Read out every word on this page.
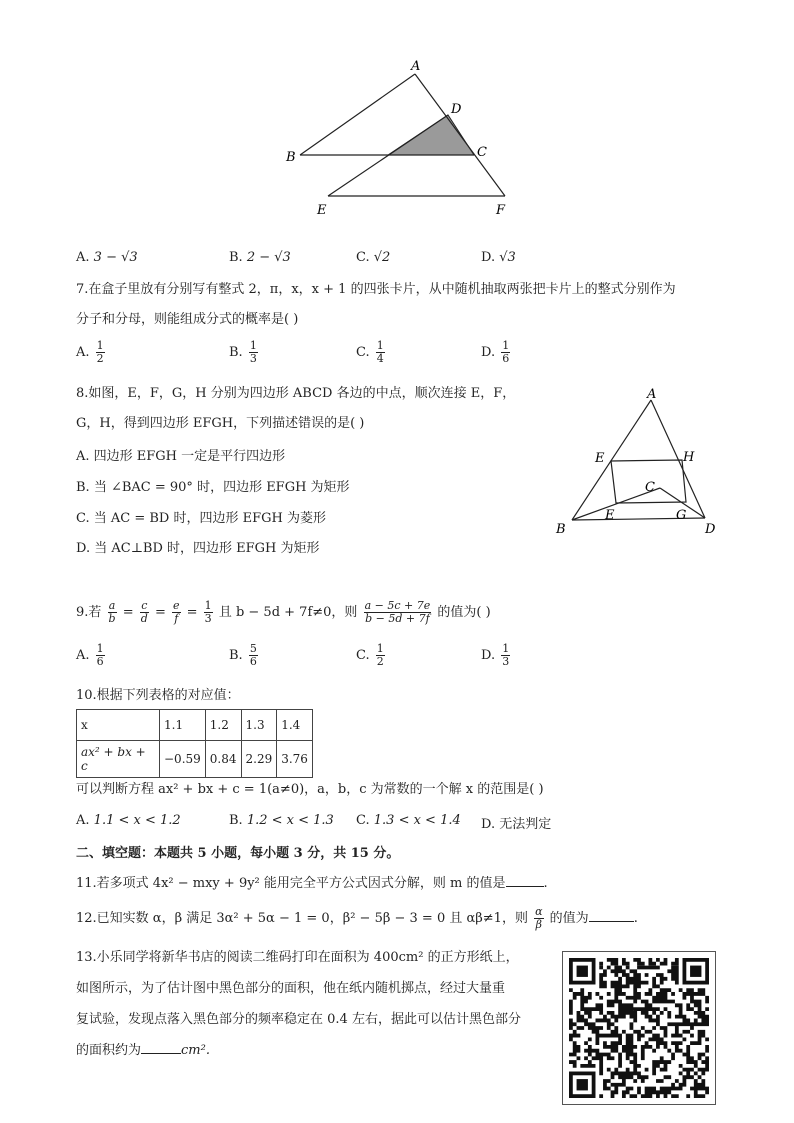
A
D
B	C
E	F
A. 3 − √3	B. 2 − √3	C. √2	D. √3
7.在盒子里放有分别写有整式 2，π，x，x + 1 的四张卡片，从中随机抽取两张把卡片上的整式分别作为
分子和分母，则能组成分式的概率是( )
A. $\frac{1}{2}$	B. $\frac{1}{3}$	C. $\frac{1}{4}$	D. $\frac{1}{6}$
8.如图，E，F，G，H 分别为四边形 ABCD 各边的中点，顺次连接 E，F，
G，H，得到四边形 EFGH，下列描述错误的是( )
A. 四边形 EFGH 一定是平行四边形
B. 当 ∠BAC = 90° 时，四边形 EFGH 为矩形
C. 当 AC = BD 时，四边形 EFGH 为菱形
D. 当 AC⊥BD 时，四边形 EFGH 为矩形
A
E	H
C
E	G
B	D
9.若 $\frac{a}{b} = \frac{c}{d} = \frac{e}{f} = \frac{1}{3}$ 且 b − 5d + 7f≠0，则 $\frac{a - 5c + 7e}{b - 5d + 7f}$ 的值为( )
A. $\frac{1}{6}$	B. $\frac{5}{6}$	C. $\frac{1}{2}$	D. $\frac{1}{3}$
10.根据下列表格的对应值：
x	1.1	1.2	1.3	1.4
ax² + bx + c	−0.59	0.84	2.29	3.76
可以判断方程 ax² + bx + c = 1(a≠0)，a，b，c 为常数的一个解 x 的范围是( )
A. 1.1 < x < 1.2	B. 1.2 < x < 1.3 C. 1.3 < x < 1.4 D. 无法判定
二、填空题：本题共 5 小题，每小题 3 分，共 15 分。
11.若多项式 4x² − mxy + 9y² 能用完全平方公式因式分解，则 m 的值是	.
12.已知实数 α，β 满足 3α² + 5α − 1 = 0，β² − 5β − 3 = 0 且 αβ≠1，则 $\frac{\alpha}{\beta}$ 的值为	.
13.小乐同学将新华书店的阅读二维码打印在面积为 400cm² 的正方形纸上，
如图所示，为了估计图中黑色部分的面积，他在纸内随机掷点，经过大量重
复试验，发现点落入黑色部分的频率稳定在 0.4 左右，据此可以估计黑色部分
的面积约为	cm².
